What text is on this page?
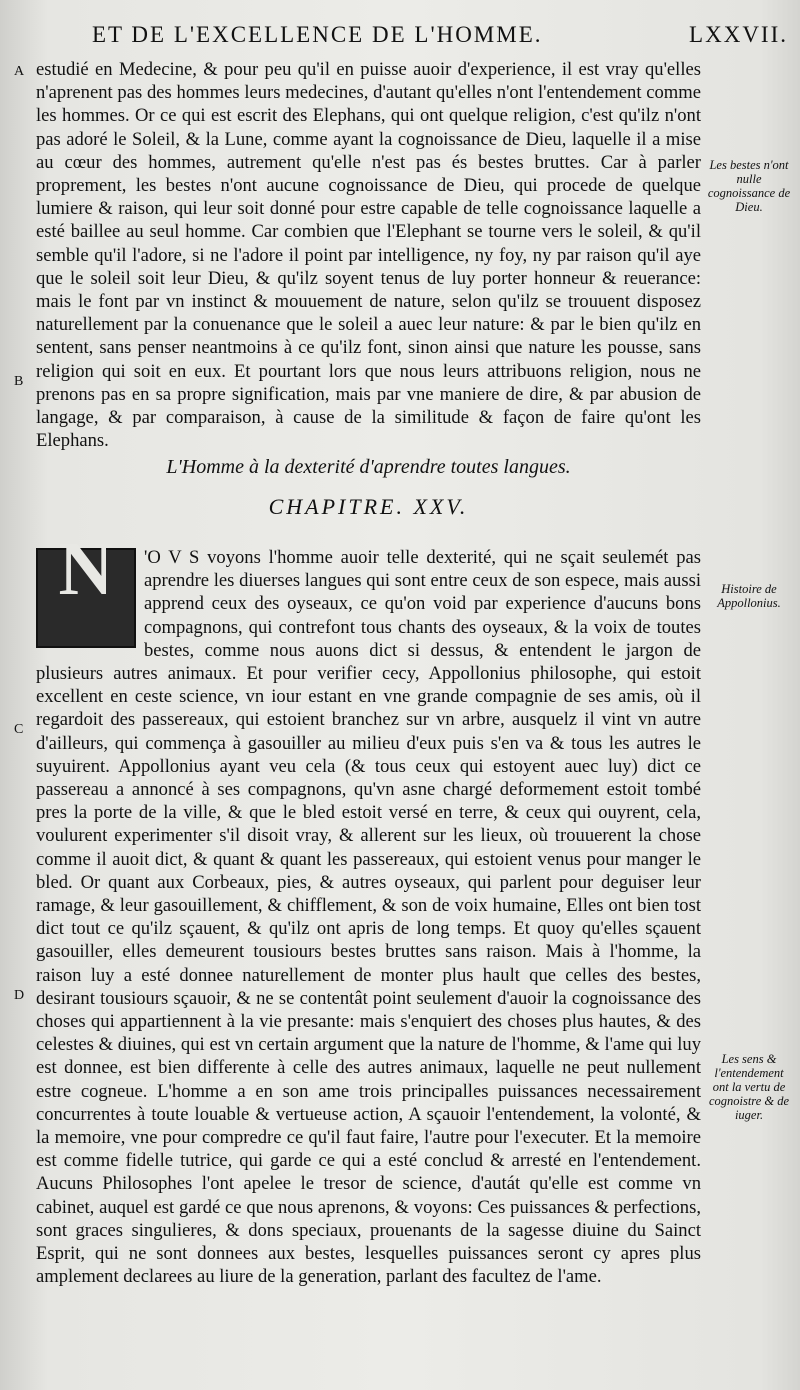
ET DE L'EXCELLENCE DE L'HOMME.	LXXVII.
A
B
C
D
estudié en Medecine, & pour peu qu'il en puisse auoir d'experience, il est vray qu'elles n'aprenent pas des hommes leurs medecines, d'autant qu'elles n'ont l'entendement comme les hommes. Or ce qui est escrit des Elephans, qui ont quelque religion, c'est qu'ilz n'ont pas adoré le Soleil, & la Lune, comme ayant la cognoissance de Dieu, laquelle il a mise au cœur des hommes, autrement qu'elle n'est pas és bestes bruttes. Car à parler proprement, les bestes n'ont aucune cognoissance de Dieu, qui procede de quelque lumiere & raison, qui leur soit donné pour estre capable de telle cognoissance laquelle a esté baillee au seul homme. Car combien que l'Elephant se tourne vers le soleil, & qu'il semble qu'il l'adore, si ne l'adore il point par intelligence, ny foy, ny par raison qu'il aye que le soleil soit leur Dieu, & qu'ilz soyent tenus de luy porter honneur & reuerance: mais le font par vn instinct & mouuement de nature, selon qu'ilz se trouuent disposez naturellement par la conuenance que le soleil a auec leur nature: & par le bien qu'ilz en sentent, sans penser neantmoins à ce qu'ilz font, sinon ainsi que nature les pousse, sans religion qui soit en eux. Et pourtant lors que nous leurs attribuons religion, nous ne prenons pas en sa propre signification, mais par vne maniere de dire, & par abusion de langage, & par comparaison, à cause de la similitude & façon de faire qu'ont les Elephans.
L'Homme à la dexterité d'aprendre toutes langues.
CHAPITRE. XXV.
N	'O V S voyons l'homme auoir telle dexterité, qui ne sçait seulemét pas aprendre les diuerses langues qui sont entre ceux de son espece, mais aussi apprend ceux des oyseaux, ce qu'on void par experience d'aucuns bons compagnons, qui contrefont tous chants des oyseaux, & la voix de toutes bestes, comme nous auons dict si dessus, & entendent le jargon de plusieurs autres animaux. Et pour verifier cecy, Appollonius philosophe, qui estoit excellent en ceste science, vn iour estant en vne grande compagnie de ses amis, où il regardoit des passereaux, qui estoient branchez sur vn arbre, ausquelz il vint vn autre d'ailleurs, qui commença à gasouiller au milieu d'eux puis s'en va & tous les autres le suyuirent. Appollonius ayant veu cela (& tous ceux qui estoyent auec luy) dict ce passereau a annoncé à ses compagnons, qu'vn asne chargé deformement estoit tombé pres la porte de la ville, & que le bled estoit versé en terre, & ceux qui ouyrent, cela, voulurent experimenter s'il disoit vray, & allerent sur les lieux, où trouuerent la chose comme il auoit dict, & quant & quant les passereaux, qui estoient venus pour manger le bled. Or quant aux Corbeaux, pies, & autres oyseaux, qui parlent pour deguiser leur ramage, & leur gasouillement, & chifflement, & son de voix humaine, Elles ont bien tost dict tout ce qu'ilz sçauent, & qu'ilz ont apris de long temps. Et quoy qu'elles sçauent gasouiller, elles demeurent tousiours bestes bruttes sans raison. Mais à l'homme, la raison luy a esté donnee naturellement de monter plus hault que celles des bestes, desirant tousiours sçauoir, & ne se contentât point seulement d'auoir la cognoissance des choses qui appartiennent à la vie presante: mais s'enquiert des choses plus hautes, & des celestes & diuines, qui est vn certain argument que la nature de l'homme, & l'ame qui luy est donnee, est bien differente à celle des autres animaux, laquelle ne peut nullement estre cogneue. L'homme a en son ame trois principalles puissances necessairement concurrentes à toute louable & vertueuse action, A sçauoir l'entendement, la volonté, & la memoire, vne pour compredre ce qu'il faut faire, l'autre pour l'executer. Et la memoire est comme fidelle tutrice, qui garde ce qui a esté conclud & arresté en l'entendement. Aucuns Philosophes l'ont apelee le tresor de science, d'autát qu'elle est comme vn cabinet, auquel est gardé ce que nous aprenons, & voyons: Ces puissances & perfections, sont graces singulieres, & dons speciaux, prouenants de la sagesse diuine du Sainct Esprit, qui ne sont donnees aux bestes, lesquelles puissances seront cy apres plus amplement declarees au liure de la generation, parlant des facultez de l'ame.
Les bestes n'ont nulle cognoissance de Dieu.
Histoire de Appollonius.
Les sens & l'entendement ont la vertu de cognoistre & de iuger.
